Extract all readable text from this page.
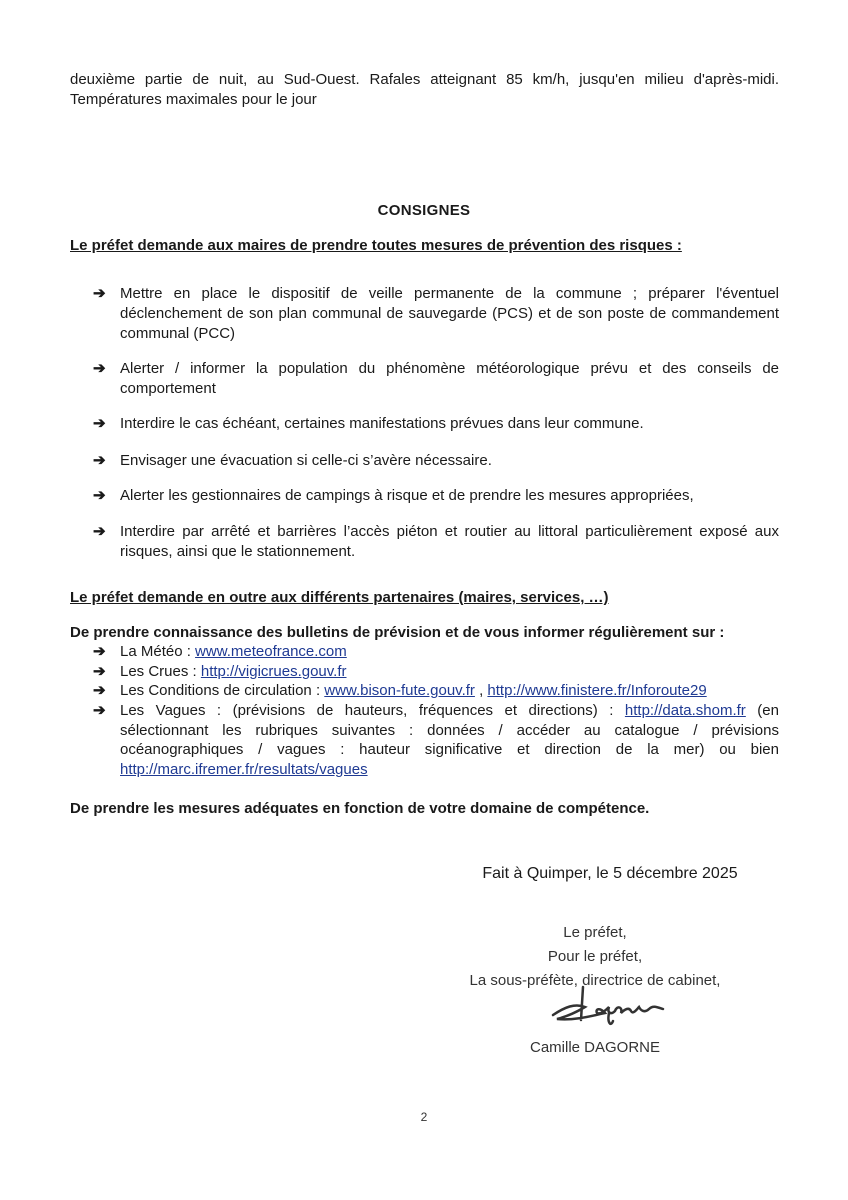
deuxième partie de nuit, au Sud-Ouest. Rafales atteignant 85 km/h, jusqu'en milieu d'après-midi.
Températures maximales pour le jour
CONSIGNES
Le préfet demande aux maires de prendre toutes mesures de prévention des risques :
➔ Mettre en place le dispositif de veille permanente de la commune ; préparer l'éventuel déclenchement de son plan communal de sauvegarde (PCS) et de son poste de commandement communal (PCC)
➔ Alerter / informer la population du phénomène météorologique prévu et des conseils de comportement
➔ Interdire le cas échéant, certaines manifestations prévues dans leur commune.
➔ Envisager une évacuation si celle-ci s’avère nécessaire.
➔ Alerter les gestionnaires de campings à risque et de prendre les mesures appropriées,
➔ Interdire par arrêté et barrières l’accès piéton et routier au littoral particulièrement exposé aux risques, ainsi que le stationnement.
Le préfet demande en outre aux différents partenaires (maires, services, …)
De prendre connaissance des bulletins de prévision et de vous informer régulièrement sur :
➔ La Météo : www.meteofrance.com
➔ Les Crues : http://vigicrues.gouv.fr
➔ Les Conditions de circulation : www.bison-fute.gouv.fr , http://www.finistere.fr/Inforoute29
➔ Les Vagues : (prévisions de hauteurs, fréquences et directions) : http://data.shom.fr (en sélectionnant les rubriques suivantes : données / accéder au catalogue / prévisions océanographiques / vagues : hauteur significative et direction de la mer) ou bien http://marc.ifremer.fr/resultats/vagues
De prendre les mesures adéquates en fonction de votre domaine de compétence.
Fait à Quimper, le 5 décembre 2025
Le préfet,
Pour le préfet,
La sous-préfète, directrice de cabinet,
Camille DAGORNE
2
